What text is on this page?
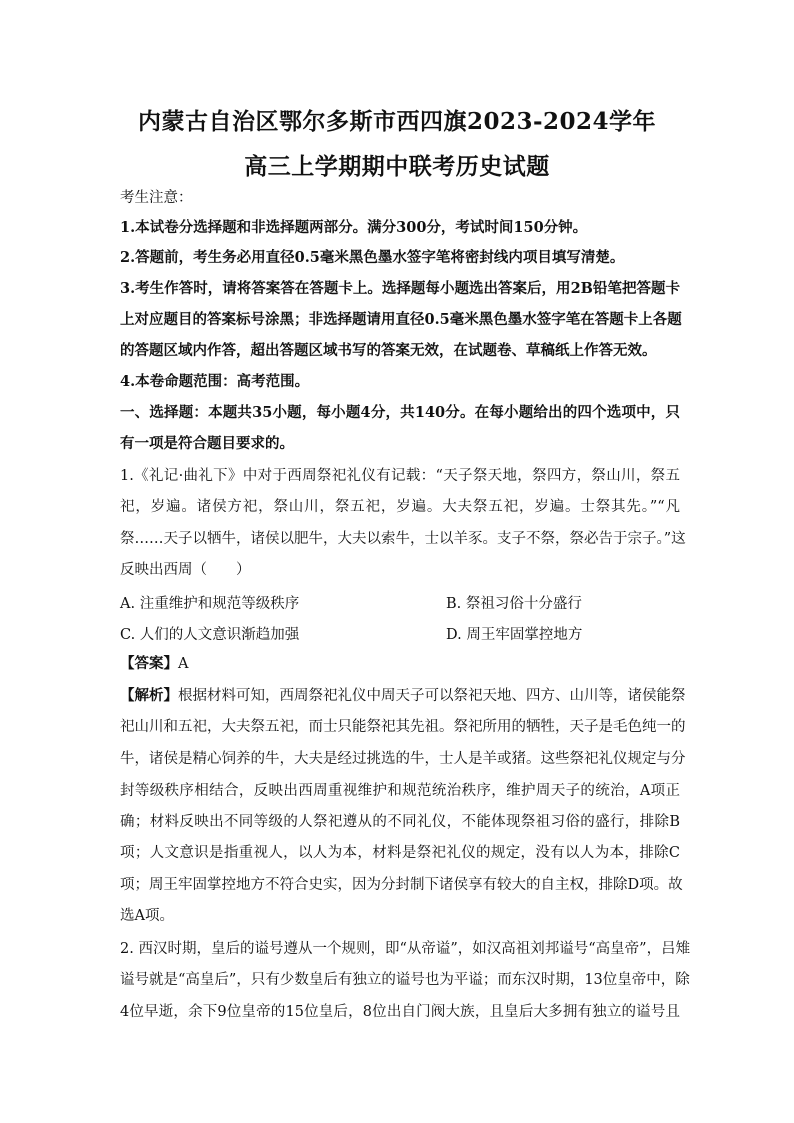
内蒙古自治区鄂尔多斯市西四旗2023-2024学年
高三上学期期中联考历史试题
考生注意：
1.本试卷分选择题和非选择题两部分。满分300分，考试时间150分钟。
2.答题前，考生务必用直径0.5毫米黑色墨水签字笔将密封线内项目填写清楚。
3.考生作答时，请将答案答在答题卡上。选择题每小题选出答案后，用2B铅笔把答题卡
上对应题目的答案标号涂黑；非选择题请用直径0.5毫米黑色墨水签字笔在答题卡上各题
的答题区域内作答，超出答题区域书写的答案无效，在试题卷、草稿纸上作答无效。
4.本卷命题范围：高考范围。
一、选择题：本题共35小题，每小题4分，共140分。在每小题给出的四个选项中，只
有一项是符合题目要求的。
1.《礼记·曲礼下》中对于西周祭祀礼仪有记载：“天子祭天地，祭四方，祭山川，祭五
祀，岁遍。诸侯方祀，祭山川，祭五祀，岁遍。大夫祭五祀，岁遍。士祭其先。”“凡
祭……天子以牺牛，诸侯以肥牛，大夫以索牛，士以羊豕。支子不祭，祭必告于宗子。”这
反映出西周（　　）
A. 注重维护和规范等级秩序	B. 祭祖习俗十分盛行
C. 人们的人文意识渐趋加强	D. 周王牢固掌控地方
【答案】A
【解析】根据材料可知，西周祭祀礼仪中周天子可以祭祀天地、四方、山川等，诸侯能祭
祀山川和五祀，大夫祭五祀，而士只能祭祀其先祖。祭祀所用的牺牲，天子是毛色纯一的
牛，诸侯是精心饲养的牛，大夫是经过挑选的牛，士人是羊或猪。这些祭祀礼仪规定与分
封等级秩序相结合，反映出西周重视维护和规范统治秩序，维护周天子的统治，A项正
确；材料反映出不同等级的人祭祀遵从的不同礼仪，不能体现祭祖习俗的盛行，排除B
项；人文意识是指重视人，以人为本，材料是祭祀礼仪的规定，没有以人为本，排除C
项；周王牢固掌控地方不符合史实，因为分封制下诸侯享有较大的自主权，排除D项。故
选A项。
2. 西汉时期，皇后的谥号遵从一个规则，即“从帝谥”，如汉高祖刘邦谥号“高皇帝”，吕雉
谥号就是“高皇后”，只有少数皇后有独立的谥号也为平谥；而东汉时期，13位皇帝中，除
4位早逝，余下9位皇帝的15位皇后，8位出自门阀大族，且皇后大多拥有独立的谥号且
